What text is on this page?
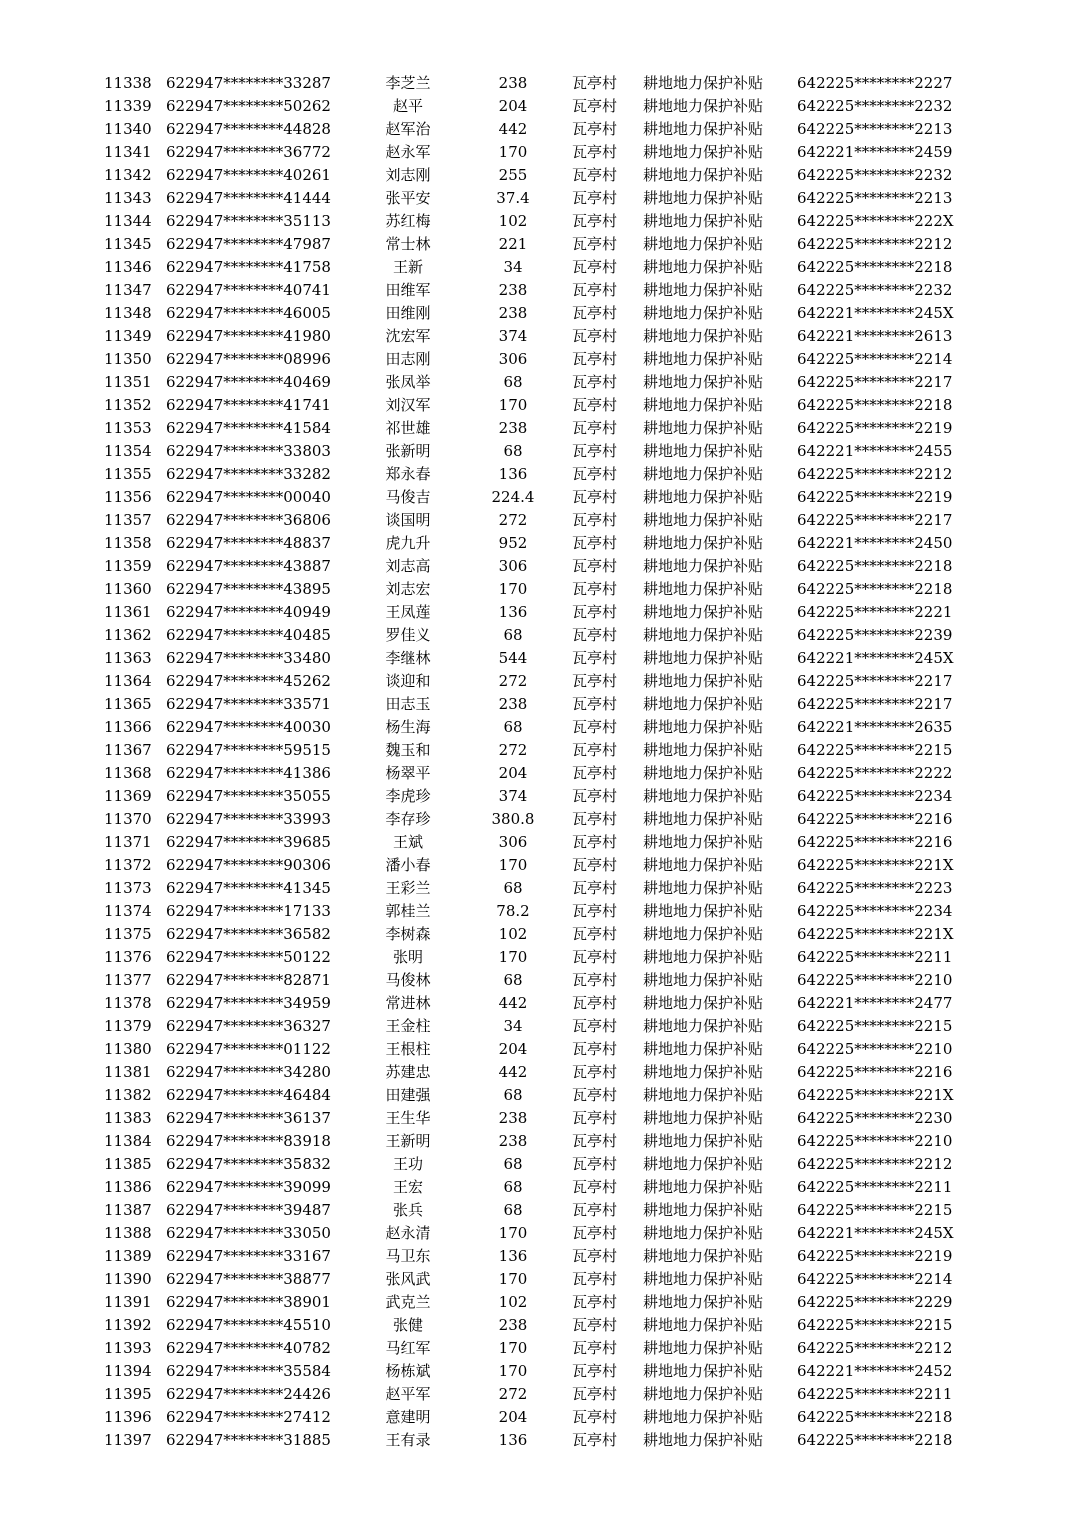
11338 622947********33287	李芝兰	238	瓦亭村	耕地地力保护补贴	642225********2227
11339 622947********50262	赵平	204	瓦亭村	耕地地力保护补贴	642225********2232
11340 622947********44828	赵军治	442	瓦亭村	耕地地力保护补贴	642225********2213
11341 622947********36772	赵永军	170	瓦亭村	耕地地力保护补贴	642221********2459
11342 622947********40261	刘志刚	255	瓦亭村	耕地地力保护补贴	642225********2232
11343 622947********41444	张平安	37.4	瓦亭村	耕地地力保护补贴	642225********2213
11344 622947********35113	苏红梅	102	瓦亭村	耕地地力保护补贴	642225********222X
11345 622947********47987	常士林	221	瓦亭村	耕地地力保护补贴	642225********2212
11346 622947********41758	王新	34	瓦亭村	耕地地力保护补贴	642225********2218
11347 622947********40741	田维军	238	瓦亭村	耕地地力保护补贴	642225********2232
11348 622947********46005	田维刚	238	瓦亭村	耕地地力保护补贴	642221********245X
11349 622947********41980	沈宏军	374	瓦亭村	耕地地力保护补贴	642221********2613
11350 622947********08996	田志刚	306	瓦亭村	耕地地力保护补贴	642225********2214
11351 622947********40469	张凤举	68	瓦亭村	耕地地力保护补贴	642225********2217
11352 622947********41741	刘汉军	170	瓦亭村	耕地地力保护补贴	642225********2218
11353 622947********41584	祁世雄	238	瓦亭村	耕地地力保护补贴	642225********2219
11354 622947********33803	张新明	68	瓦亭村	耕地地力保护补贴	642221********2455
11355 622947********33282	郑永春	136	瓦亭村	耕地地力保护补贴	642225********2212
11356 622947********00040	马俊吉	224.4	瓦亭村	耕地地力保护补贴	642225********2219
11357 622947********36806	谈国明	272	瓦亭村	耕地地力保护补贴	642225********2217
11358 622947********48837	虎九升	952	瓦亭村	耕地地力保护补贴	642221********2450
11359 622947********43887	刘志高	306	瓦亭村	耕地地力保护补贴	642225********2218
11360 622947********43895	刘志宏	170	瓦亭村	耕地地力保护补贴	642225********2218
11361 622947********40949	王凤莲	136	瓦亭村	耕地地力保护补贴	642225********2221
11362 622947********40485	罗佳义	68	瓦亭村	耕地地力保护补贴	642225********2239
11363 622947********33480	李继林	544	瓦亭村	耕地地力保护补贴	642221********245X
11364 622947********45262	谈迎和	272	瓦亭村	耕地地力保护补贴	642225********2217
11365 622947********33571	田志玉	238	瓦亭村	耕地地力保护补贴	642225********2217
11366 622947********40030	杨生海	68	瓦亭村	耕地地力保护补贴	642221********2635
11367 622947********59515	魏玉和	272	瓦亭村	耕地地力保护补贴	642225********2215
11368 622947********41386	杨翠平	204	瓦亭村	耕地地力保护补贴	642225********2222
11369 622947********35055	李虎珍	374	瓦亭村	耕地地力保护补贴	642225********2234
11370 622947********33993	李存珍	380.8	瓦亭村	耕地地力保护补贴	642225********2216
11371 622947********39685	王斌	306	瓦亭村	耕地地力保护补贴	642225********2216
11372 622947********90306	潘小春	170	瓦亭村	耕地地力保护补贴	642225********221X
11373 622947********41345	王彩兰	68	瓦亭村	耕地地力保护补贴	642225********2223
11374 622947********17133	郭桂兰	78.2	瓦亭村	耕地地力保护补贴	642225********2234
11375 622947********36582	李树森	102	瓦亭村	耕地地力保护补贴	642225********221X
11376 622947********50122	张明	170	瓦亭村	耕地地力保护补贴	642225********2211
11377 622947********82871	马俊林	68	瓦亭村	耕地地力保护补贴	642225********2210
11378 622947********34959	常进林	442	瓦亭村	耕地地力保护补贴	642221********2477
11379 622947********36327	王金柱	34	瓦亭村	耕地地力保护补贴	642225********2215
11380 622947********01122	王根柱	204	瓦亭村	耕地地力保护补贴	642225********2210
11381 622947********34280	苏建忠	442	瓦亭村	耕地地力保护补贴	642225********2216
11382 622947********46484	田建强	68	瓦亭村	耕地地力保护补贴	642225********221X
11383 622947********36137	王生华	238	瓦亭村	耕地地力保护补贴	642225********2230
11384 622947********83918	王新明	238	瓦亭村	耕地地力保护补贴	642225********2210
11385 622947********35832	王功	68	瓦亭村	耕地地力保护补贴	642225********2212
11386 622947********39099	王宏	68	瓦亭村	耕地地力保护补贴	642225********2211
11387 622947********39487	张兵	68	瓦亭村	耕地地力保护补贴	642225********2215
11388 622947********33050	赵永清	170	瓦亭村	耕地地力保护补贴	642221********245X
11389 622947********33167	马卫东	136	瓦亭村	耕地地力保护补贴	642225********2219
11390 622947********38877	张风武	170	瓦亭村	耕地地力保护补贴	642225********2214
11391 622947********38901	武克兰	102	瓦亭村	耕地地力保护补贴	642225********2229
11392 622947********45510	张健	238	瓦亭村	耕地地力保护补贴	642225********2215
11393 622947********40782	马红军	170	瓦亭村	耕地地力保护补贴	642225********2212
11394 622947********35584	杨栋斌	170	瓦亭村	耕地地力保护补贴	642221********2452
11395 622947********24426	赵平军	272	瓦亭村	耕地地力保护补贴	642225********2211
11396 622947********27412	意建明	204	瓦亭村	耕地地力保护补贴	642225********2218
11397 622947********31885	王有录	136	瓦亭村	耕地地力保护补贴	642225********2218
